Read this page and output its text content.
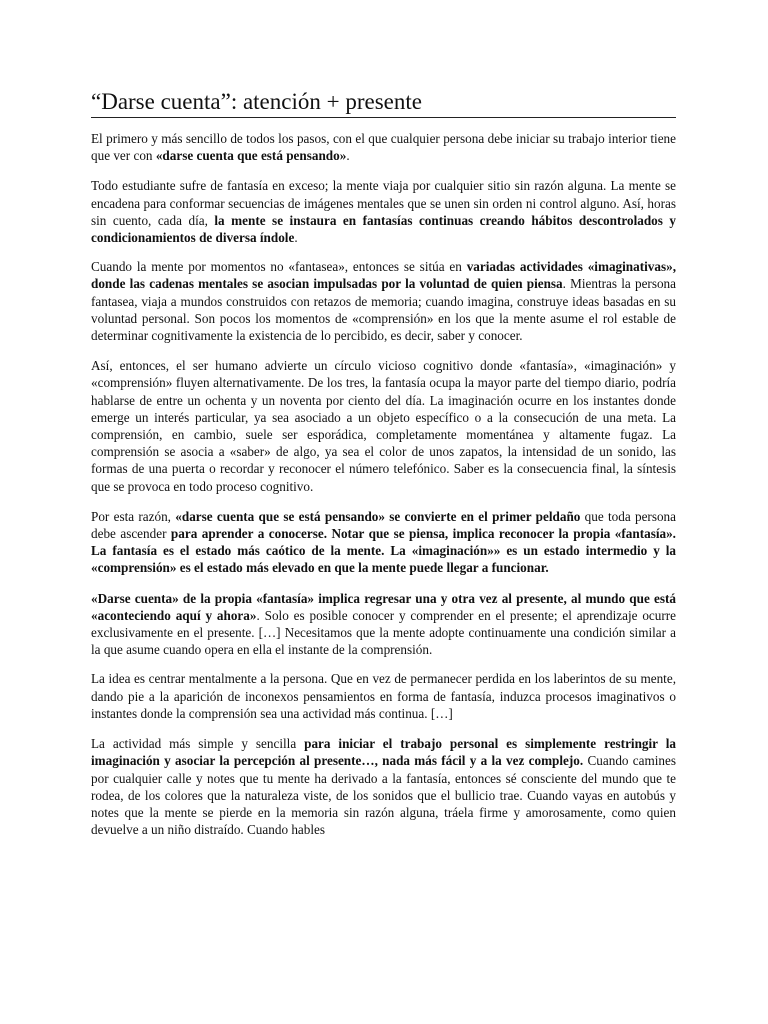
“Darse cuenta”: atención + presente

El primero y más sencillo de todos los pasos, con el que cualquier persona debe iniciar su trabajo interior tiene que ver con «darse cuenta que está pensando».

Todo estudiante sufre de fantasía en exceso; la mente viaja por cualquier sitio sin razón alguna. La mente se encadena para conformar secuencias de imágenes mentales que se unen sin orden ni control alguno. Así, horas sin cuento, cada día, la mente se instaura en fantasías continuas creando hábitos descontrolados y condicionamientos de diversa índole.

Cuando la mente por momentos no «fantasea», entonces se sitúa en variadas actividades «imaginativas», donde las cadenas mentales se asocian impulsadas por la voluntad de quien piensa. Mientras la persona fantasea, viaja a mundos construidos con retazos de memoria; cuando imagina, construye ideas basadas en su voluntad personal. Son pocos los momentos de «comprensión» en los que la mente asume el rol estable de determinar cognitivamente la existencia de lo percibido, es decir, saber y conocer.

Así, entonces, el ser humano advierte un círculo vicioso cognitivo donde «fantasía», «imaginación» y «comprensión» fluyen alternativamente. De los tres, la fantasía ocupa la mayor parte del tiempo diario, podría hablarse de entre un ochenta y un noventa por ciento del día. La imaginación ocurre en los instantes donde emerge un interés particular, ya sea asociado a un objeto específico o a la consecución de una meta. La comprensión, en cambio, suele ser esporádica, completamente momentánea y altamente fugaz. La comprensión se asocia a «saber» de algo, ya sea el color de unos zapatos, la intensidad de un sonido, las formas de una puerta o recordar y reconocer el número telefónico. Saber es la consecuencia final, la síntesis que se provoca en todo proceso cognitivo.

Por esta razón, «darse cuenta que se está pensando» se convierte en el primer peldaño que toda persona debe ascender para aprender a conocerse. Notar que se piensa, implica reconocer la propia «fantasía». La fantasía es el estado más caótico de la mente. La «imaginación»» es un estado intermedio y la «comprensión» es el estado más elevado en que la mente puede llegar a funcionar.

«Darse cuenta» de la propia «fantasía» implica regresar una y otra vez al presente, al mundo que está «aconteciendo aquí y ahora». Solo es posible conocer y comprender en el presente; el aprendizaje ocurre exclusivamente en el presente. […] Necesitamos que la mente adopte continuamente una condición similar a la que asume cuando opera en ella el instante de la comprensión.

La idea es centrar mentalmente a la persona. Que en vez de permanecer perdida en los laberintos de su mente, dando pie a la aparición de inconexos pensamientos en forma de fantasía, induzca procesos imaginativos o instantes donde la comprensión sea una actividad más continua. […]

La actividad más simple y sencilla para iniciar el trabajo personal es simplemente restringir la imaginación y asociar la percepción al presente…, nada más fácil y a la vez complejo. Cuando camines por cualquier calle y notes que tu mente ha derivado a la fantasía, entonces sé consciente del mundo que te rodea, de los colores que la naturaleza viste, de los sonidos que el bullicio trae. Cuando vayas en autobús y notes que la mente se pierde en la memoria sin razón alguna, tráela firme y amorosamente, como quien devuelve a un niño distraído. Cuando hables
